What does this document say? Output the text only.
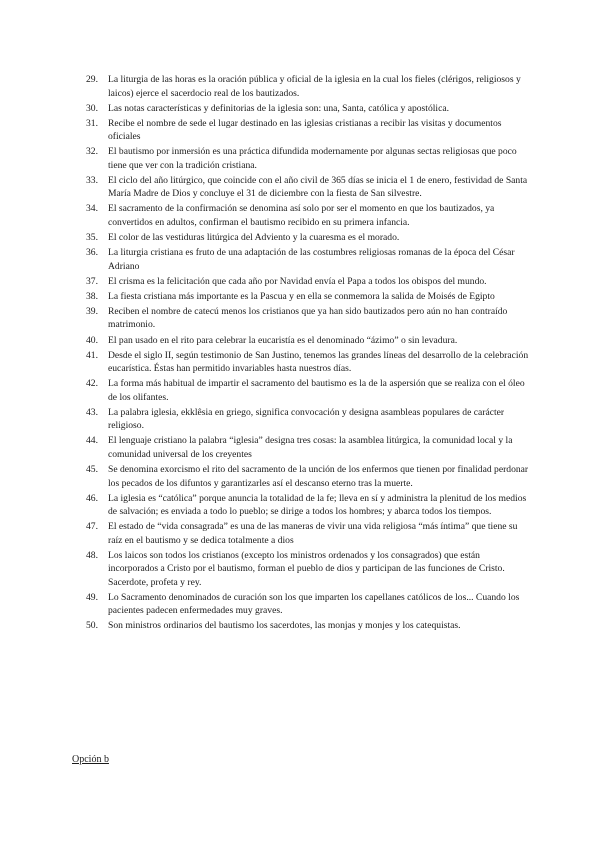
29.	La liturgia de las horas es la oración pública y oficial de la iglesia en la cual los fieles (clérigos, religiosos y laicos) ejerce el sacerdocio real de los bautizados.
30.	Las notas características y definitorias de la iglesia son: una, Santa, católica y apostólica.
31.	Recibe el nombre de sede el lugar destinado en las iglesias cristianas a recibir las visitas y documentos oficiales
32.	El bautismo por inmersión es una práctica difundida modernamente por algunas sectas religiosas que poco tiene que ver con la tradición cristiana.
33.	El ciclo del año litúrgico, que coincide con el año civil de 365 días se inicia el 1 de enero, festividad de Santa María Madre de Dios y concluye el 31 de diciembre con la fiesta de San silvestre.
34.	El sacramento de la confirmación se denomina así solo por ser el momento en que los bautizados, ya convertidos en adultos, confirman el bautismo recibido en su primera infancia.
35.	El color de las vestiduras litúrgica del Adviento y la cuaresma es el morado.
36.	La liturgia cristiana es fruto de una adaptación de las costumbres religiosas romanas de la época del César Adriano
37.	El crisma es la felicitación que cada año por Navidad envía el Papa a todos los obispos del mundo.
38.	La fiesta cristiana más importante es la Pascua y en ella se conmemora la salida de Moisés de Egipto
39.	Reciben el nombre de catecú menos los cristianos que ya han sido bautizados pero aún no han contraído matrimonio.
40.	El pan usado en el rito para celebrar la eucaristía es el denominado “ázimo” o sin levadura.
41.	Desde el siglo II, según testimonio de San Justino, tenemos las grandes líneas del desarrollo de la celebración eucarística. Éstas han permitido invariables hasta nuestros días.
42.	La forma más habitual de impartir el sacramento del bautismo es la de la aspersión que se realiza con el óleo de los olifantes.
43.	La palabra iglesia, ekklêsia en griego, significa convocación y designa asambleas populares de carácter religioso.
44.	El lenguaje cristiano la palabra “iglesia” designa tres cosas: la asamblea litúrgica, la comunidad local y la comunidad universal de los creyentes
45.	Se denomina exorcismo el rito del sacramento de la unción de los enfermos que tienen por finalidad perdonar los pecados de los difuntos y garantizarles así el descanso eterno tras la muerte.
46.	La iglesia es “católica” porque anuncia la totalidad de la fe; lleva en sí y administra la plenitud de los medios de salvación; es enviada a todo lo pueblo; se dirige a todos los hombres; y abarca todos los tiempos.
47.	El estado de “vida consagrada” es una de las maneras de vivir una vida religiosa “más íntima” que tiene su raíz en el bautismo y se dedica totalmente a dios
48.	Los laicos son todos los cristianos (excepto los ministros ordenados y los consagrados) que están incorporados a Cristo por el bautismo, forman el pueblo de dios y participan de las funciones de Cristo. Sacerdote, profeta y rey.
49.	Lo Sacramento denominados de curación son los que imparten los capellanes católicos de los... Cuando los pacientes padecen enfermedades muy graves.
50.	Son ministros ordinarios del bautismo los sacerdotes, las monjas y monjes y los catequistas.
Opción b
